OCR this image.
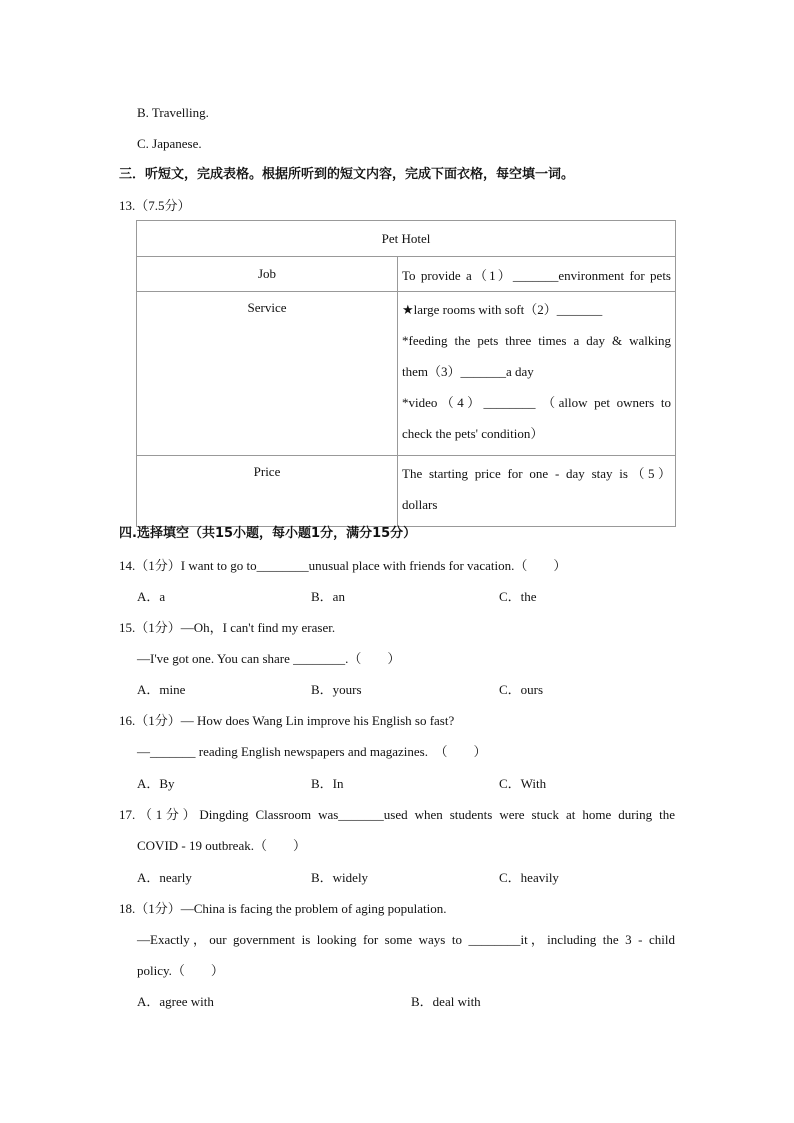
B. Travelling.
C. Japanese.
三．听短文，完成表格。根据所听到的短文内容，完成下面衣格，每空填一词。
13.（7.5分）
Pet Hotel	
Job	To provide a（1）_______environment for pets

Service	★large rooms with soft（2）_______
*feeding the pets three times a day & walking
them（3）_______a day
*video（4）________ （allow pet owners to
check the pets' condition）

Price	The starting price for one - day stay is（5）
dollars
四.选择填空（共15小题，每小题1分，满分15分）
14.（1分）I want to go to________unusual place with friends for vacation.（　　）
A．a	B．an	C．the
15.（1分）—Oh，I can't find my eraser.
—I've got one. You can share ________.（　　）
A．mine	B．yours	C．ours
16.（1分）— How does Wang Lin improve his English so fast?
—_______ reading English newspapers and magazines.　（　　）
A．By	B．In	C．With
17.（1分）Dingding Classroom was_______used when students were stuck at home during the
COVID - 19 outbreak.（　　）
A．nearly	B．widely	C．heavily
18.（1分）—China is facing the problem of aging population.
—Exactly，our government is looking for some ways to ________it，including the 3 - child
policy.（　　）
A．agree with	B．deal with
